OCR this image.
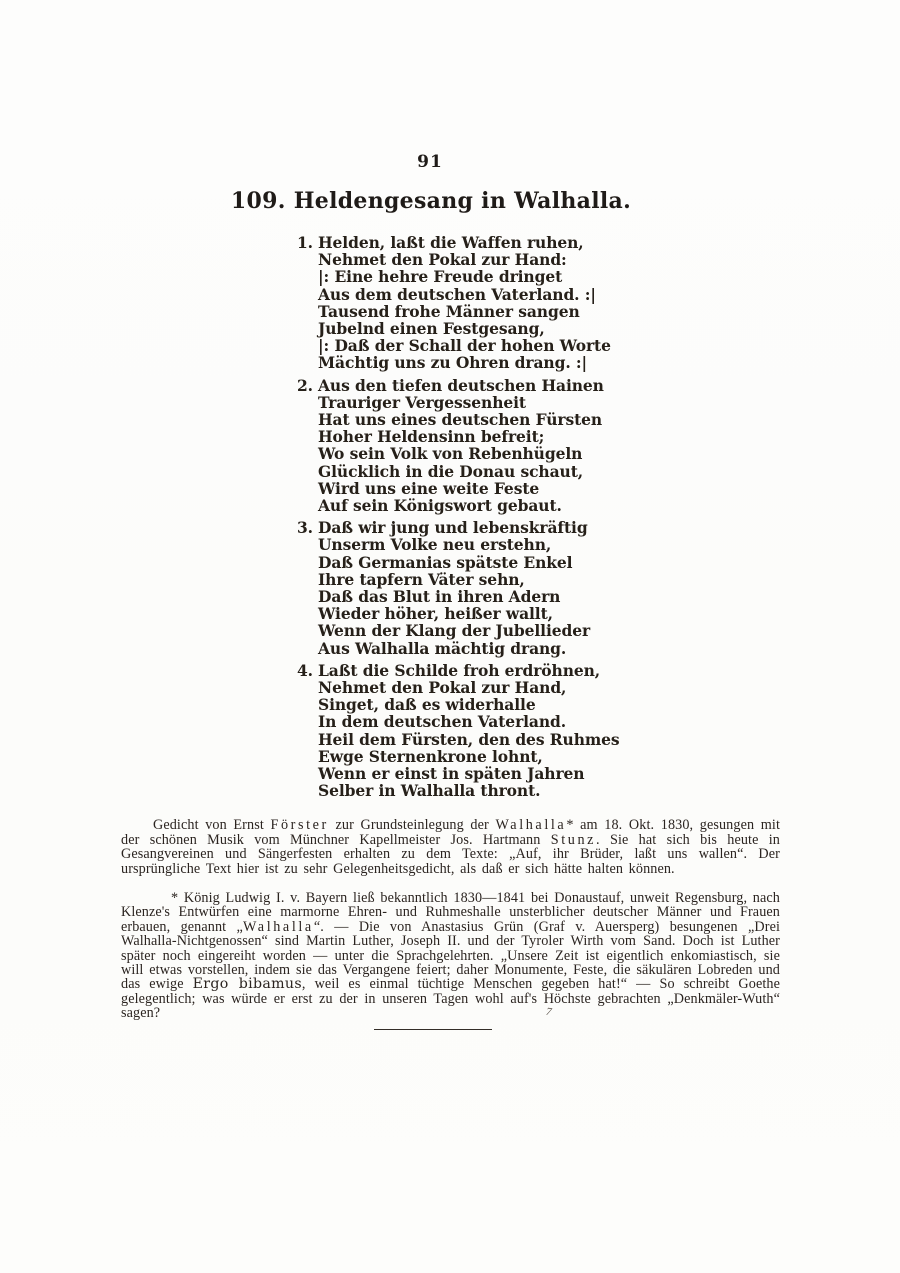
91
109. Heldengesang in Walhalla.
1. Helden, laßt die Waffen ruhen,
Nehmet den Pokal zur Hand:
|: Eine hehre Freude dringet
Aus dem deutschen Vaterland. :|
Tausend frohe Männer sangen
Jubelnd einen Festgesang,
|: Daß der Schall der hohen Worte
Mächtig uns zu Ohren drang. :|
2. Aus den tiefen deutschen Hainen
Trauriger Vergessenheit
Hat uns eines deutschen Fürsten
Hoher Heldensinn befreit;
Wo sein Volk von Rebenhügeln
Glücklich in die Donau schaut,
Wird uns eine weite Feste
Auf sein Königswort gebaut.
3. Daß wir jung und lebenskräftig
Unserm Volke neu erstehn,
Daß Germanias spätste Enkel
Ihre tapfern Väter sehn,
Daß das Blut in ihren Adern
Wieder höher, heißer wallt,
Wenn der Klang der Jubellieder
Aus Walhalla mächtig drang.
4. Laßt die Schilde froh erdröhnen,
Nehmet den Pokal zur Hand,
Singet, daß es widerhalle
In dem deutschen Vaterland.
Heil dem Fürsten, den des Ruhmes
Ewge Sternenkrone lohnt,
Wenn er einst in späten Jahren
Selber in Walhalla thront.

Gedicht von Ernst Förster zur Grundsteinlegung der Walhalla* am 18. Okt. 1830, gesungen mit der schönen Musik vom Münchner Kapellmeister Jos. Hartmann Stunz. Sie hat sich bis heute in Gesangvereinen und Sängerfesten erhalten zu dem Texte: „Auf, ihr Brüder, laßt uns wallen“. Der ursprüngliche Text hier ist zu sehr Gelegenheitsgedicht, als daß er sich hätte halten können.

* König Ludwig I. v. Bayern ließ bekanntlich 1830—1841 bei Donaustauf, unweit Regensburg, nach Klenze's Entwürfen eine marmorne Ehren- und Ruhmeshalle unsterblicher deutscher Männer und Frauen erbauen, genannt „Walhalla“. — Die von Anastasius Grün (Graf v. Auersperg) besungenen „Drei Walhalla-Nichtgenossen“ sind Martin Luther, Joseph II. und der Tyroler Wirth vom Sand. Doch ist Luther später noch eingereiht worden — unter die Sprachgelehrten. „Unsere Zeit ist eigentlich enkomiastisch, sie will etwas vorstellen, indem sie das Vergangene feiert; daher Monumente, Feste, die säkulären Lobreden und das ewige Ergo bibamus, weil es einmal tüchtige Menschen gegeben hat!“ — So schreibt Goethe gelegentlich; was würde er erst zu der in unseren Tagen wohl auf's Höchste gebrachten „Denkmäler-Wuth“ sagen?	7
